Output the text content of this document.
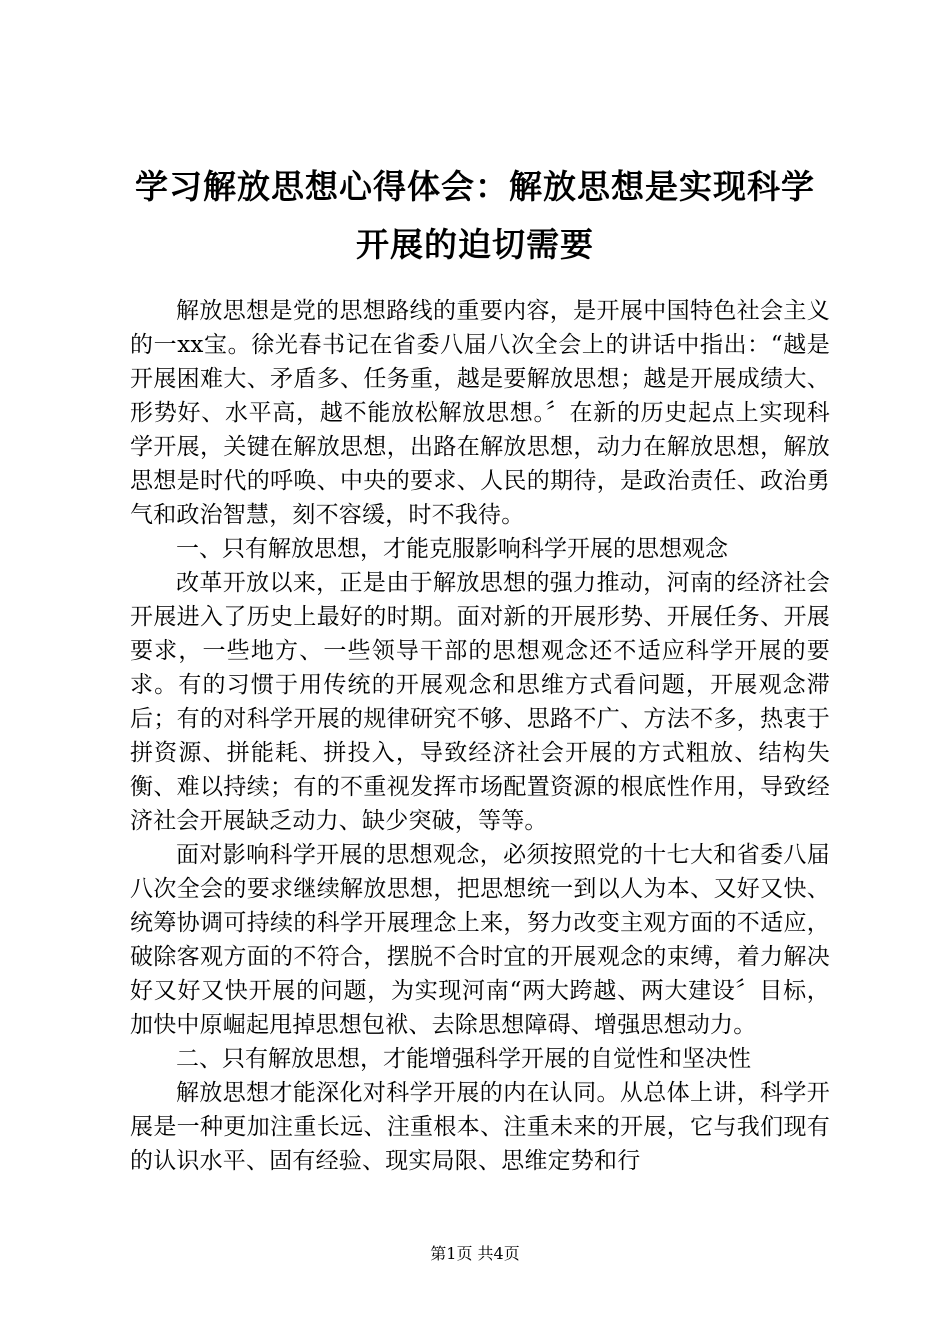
学习解放思想心得体会：解放思想是实现科学开展的迫切需要

解放思想是党的思想路线的重要内容，是开展中国特色社会主义的一xx宝。徐光春书记在省委八届八次全会上的讲话中指出：“越是开展困难大、矛盾多、任务重，越是要解放思想；越是开展成绩大、形势好、水平高，越不能放松解放思想。〞在新的历史起点上实现科学开展，关键在解放思想，出路在解放思想，动力在解放思想，解放思想是时代的呼唤、中央的要求、人民的期待，是政治责任、政治勇气和政治智慧，刻不容缓，时不我待。

一、只有解放思想，才能克服影响科学开展的思想观念

改革开放以来，正是由于解放思想的强力推动，河南的经济社会开展进入了历史上最好的时期。面对新的开展形势、开展任务、开展要求，一些地方、一些领导干部的思想观念还不适应科学开展的要求。有的习惯于用传统的开展观念和思维方式看问题，开展观念滞后；有的对科学开展的规律研究不够、思路不广、方法不多，热衷于拼资源、拼能耗、拼投入，导致经济社会开展的方式粗放、结构失衡、难以持续；有的不重视发挥市场配置资源的根底性作用，导致经济社会开展缺乏动力、缺少突破，等等。

面对影响科学开展的思想观念，必须按照党的十七大和省委八届八次全会的要求继续解放思想，把思想统一到以人为本、又好又快、统筹协调可持续的科学开展理念上来，努力改变主观方面的不适应，破除客观方面的不符合，摆脱不合时宜的开展观念的束缚，着力解决好又好又快开展的问题，为实现河南“两大跨越、两大建设〞目标，加快中原崛起甩掉思想包袱、去除思想障碍、增强思想动力。

二、只有解放思想，才能增强科学开展的自觉性和坚决性

解放思想才能深化对科学开展的内在认同。从总体上讲，科学开展是一种更加注重长远、注重根本、注重未来的开展，它与我们现有的认识水平、固有经验、现实局限、思维定势和行

第1页 共4页
